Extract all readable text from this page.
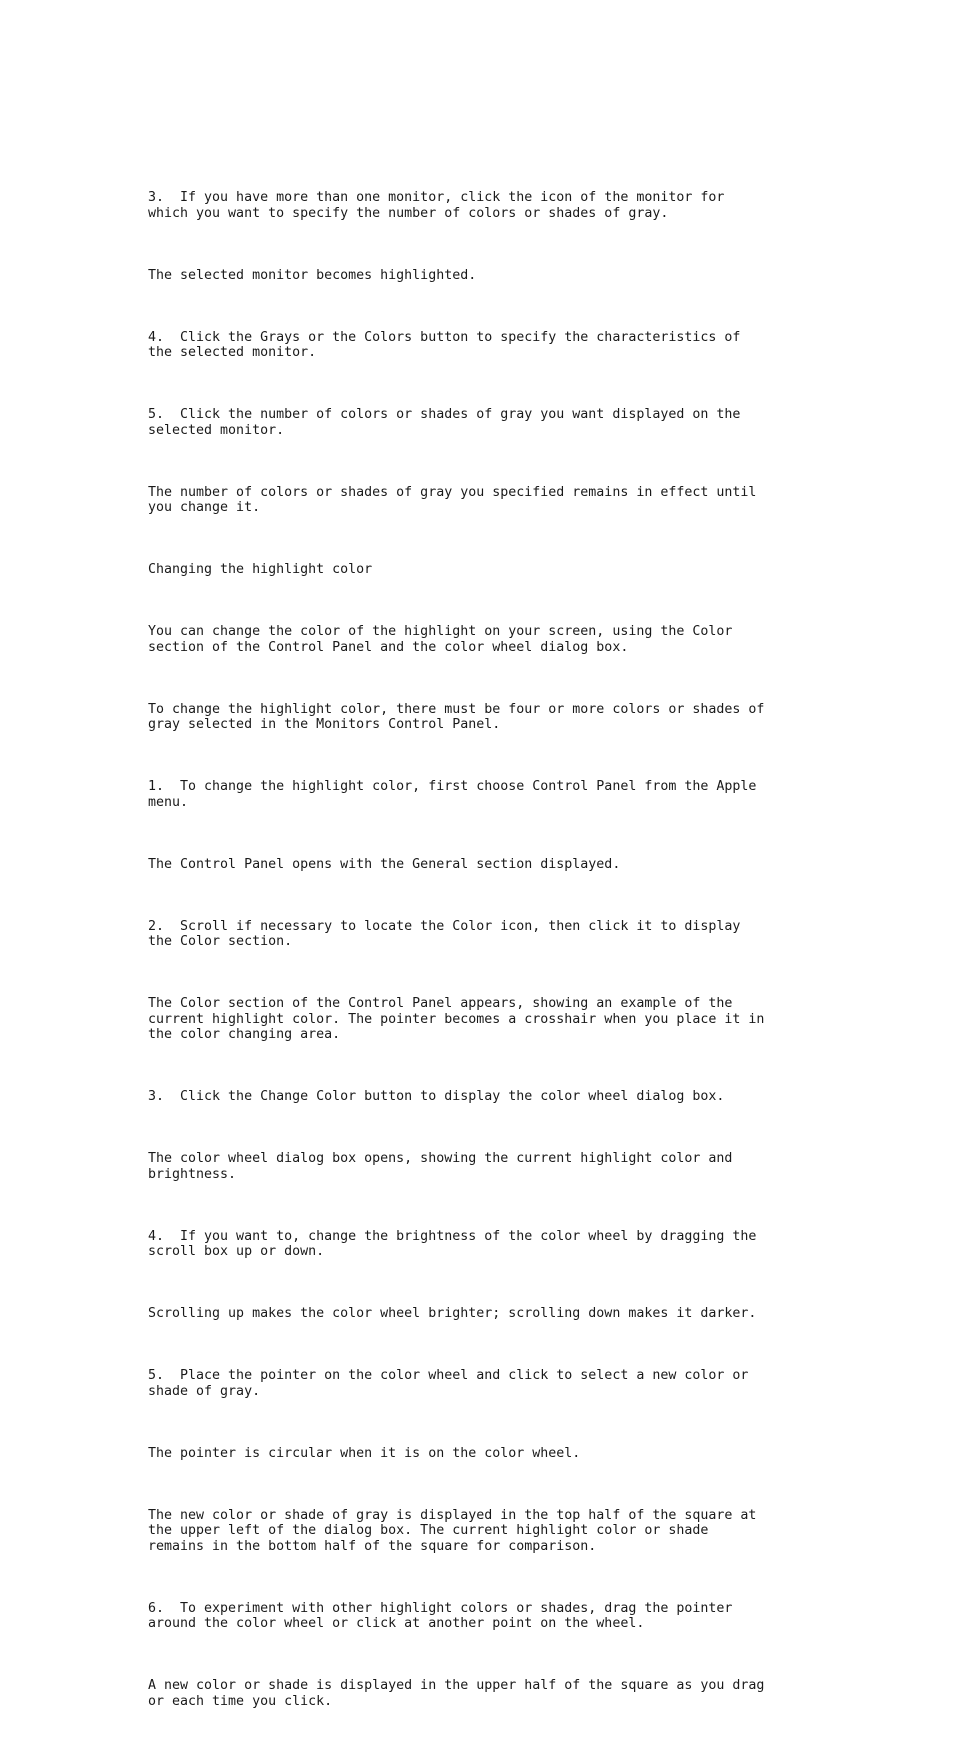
3.  If you have more than one monitor, click the icon of the monitor for
which you want to specify the number of colors or shades of gray.

The selected monitor becomes highlighted.

4.  Click the Grays or the Colors button to specify the characteristics of
the selected monitor.

5.  Click the number of colors or shades of gray you want displayed on the
selected monitor.

The number of colors or shades of gray you specified remains in effect until
you change it.

Changing the highlight color

You can change the color of the highlight on your screen, using the Color
section of the Control Panel and the color wheel dialog box.

To change the highlight color, there must be four or more colors or shades of
gray selected in the Monitors Control Panel.

1.  To change the highlight color, first choose Control Panel from the Apple
menu.

The Control Panel opens with the General section displayed.

2.  Scroll if necessary to locate the Color icon, then click it to display
the Color section.

The Color section of the Control Panel appears, showing an example of the
current highlight color. The pointer becomes a crosshair when you place it in
the color changing area.

3.  Click the Change Color button to display the color wheel dialog box.

The color wheel dialog box opens, showing the current highlight color and
brightness.

4.  If you want to, change the brightness of the color wheel by dragging the
scroll box up or down.

Scrolling up makes the color wheel brighter; scrolling down makes it darker.

5.  Place the pointer on the color wheel and click to select a new color or
shade of gray.

The pointer is circular when it is on the color wheel.

The new color or shade of gray is displayed in the top half of the square at
the upper left of the dialog box. The current highlight color or shade
remains in the bottom half of the square for comparison.

6.  To experiment with other highlight colors or shades, drag the pointer
around the color wheel or click at another point on the wheel.

A new color or shade is displayed in the upper half of the square as you drag
or each time you click.
